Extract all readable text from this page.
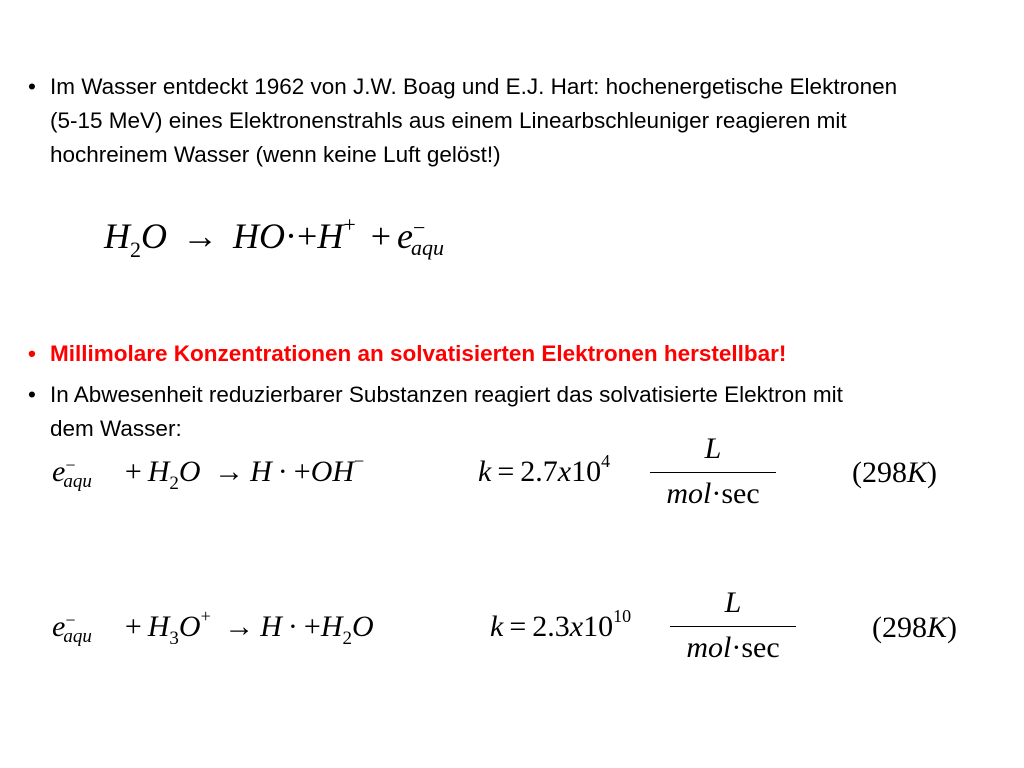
• Im Wasser entdeckt 1962 von J.W. Boag und E.J. Hart: hochenergetische Elektronen (5-15 MeV) eines Elektronenstrahls aus einem Linearbschleuniger reagieren mit hochreinem Wasser (wenn keine Luft gelöst!)
$H_2O \to HO\cdot+H^+ + e$ −
aqu
• Millimolare Konzentrationen an solvatisierten Elektronen herstellbar!
• In Abwesenheit reduzierbarer Substanzen reagiert das solvatisierte Elektron mit dem Wasser:
e −
aqu + $H_2O \to H \cdot +OH^-$	$k = 2.7x10^4$	L
mol·sec
(298K)
e −
aqu + $H_3O^+ \to H \cdot +H_2O$	$k = 2.3x10^{10}$	L
mol·sec
(298K)
